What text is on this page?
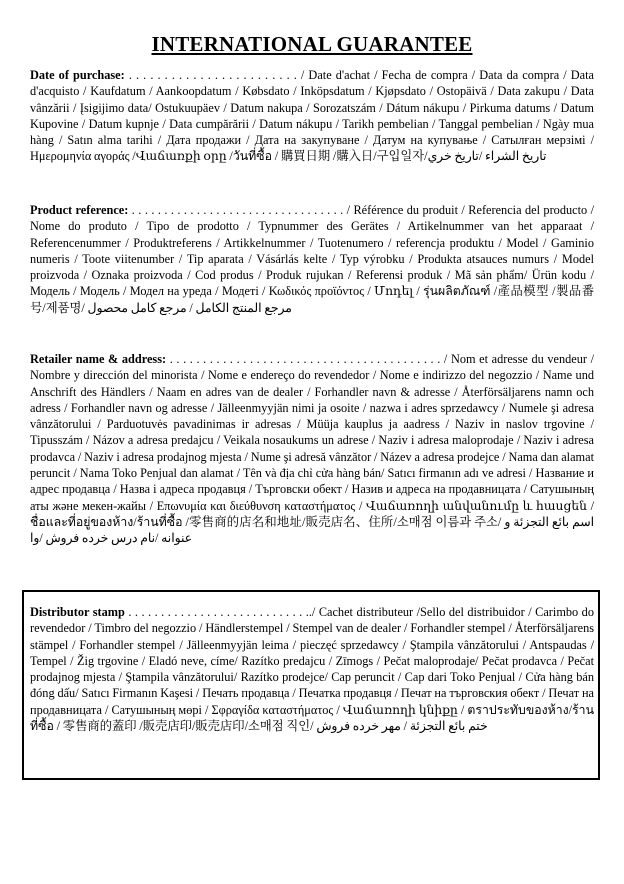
INTERNATIONAL GUARANTEE
Date of purchase: . . . . . . . . . . . . . . . . . . . . . . . . / Date d'achat / Fecha de compra / Data da compra / Data d'acquisto / Kaufdatum / Aankoopdatum / Købsdato / Inköpsdatum / Kjøpsdato / Ostopäivä / Data zakupu / Data vânzării / Įsigijimo data/ Ostukuupäev / Datum nakupa / Sorozatszám / Dátum nákupu / Pirkuma datums / Datum Kupovine / Datum kupnje / Data cumpărării / Datum nákupu / Tarikh pembelian / Tanggal pembelian / Ngày mua hàng / Satın alma tarihi / Дата продажи / Дата на закупуване / Датум на купување / Сатылған мерзімі / Ημερομηνία αγοράς /Վաճառքի օրը /วันที่ซื้อ / 購買日期 /購入日/구입일자/تاريخ الشراء /تاريخ خري
Product reference: . . . . . . . . . . . . . . . . . . . . . . . . . . . . . . . . . / Référence du produit / Referencia del producto / Nome do produto / Tipo de prodotto / Typnummer des Gerätes / Artikelnummer van het apparaat / Referencenummer / Produktreferens / Artikkelnummer / Tuotenumero / referencja produktu / Model / Gaminio numeris / Toote viitenumber / Tip aparata / Vásárlás kelte / Typ výrobku / Produkta atsauces numurs / Model proizvoda / Oznaka proizvoda / Cod produs / Produk rujukan / Referensi produk / Mã sản phẩm/ Ürün kodu / Модель / Модель / Модел на уреда / Модеті / Κωδικός προϊόντος / Մոդել / รุ่นผลิตภัณฑ์ /產品模型 /製品番号/제품명/ مرجع المنتج الكامل / مرجع كامل محصول
Retailer name & address: . . . . . . . . . . . . . . . . . . . . . . . . . . . . . . . . . . . . . . . . . / Nom et adresse du vendeur / Nombre y dirección del minorista / Nome e endereço do revendedor / Nome e indirizzo del negozzio / Name und Anschrift des Händlers / Naam en adres van de dealer / Forhandler navn & adresse / Återförsäljarens namn och adress / Forhandler navn og adresse / Jälleenmyyjän nimi ja osoite / nazwa i adres sprzedawcy / Numele şi adresa vânzătorului / Parduotuvės pavadinimas ir adresas / Müüja kauplus ja aadress / Naziv in naslov trgovine / Tipusszám / Názov a adresa predajcu / Veikala nosaukums un adrese / Naziv i adresa maloprodaje / Naziv i adresa prodavca / Naziv i adresa prodajnog mjesta / Nume şi adresă vânzător / Název a adresa prodejce / Nama dan alamat peruncit / Nama Toko Penjual dan alamat / Tên và địa chỉ cửa hàng bán/ Satıcı firmanın adı ve adresi / Название и адрес продавца / Назва і адреса продавця / Търговски обект / Назив и адреса на продавницата / Сатушының аты және мекен-жайы / Επωνυμία και διεύθυνση καταστήματος / Վաճառողի անվանումը և հասցեն / ชื่อและที่อยู่ของห้าง/ร้านที่ซื้อ /零售商的店名和地址/販売店名、住所/소매점 이름과 주소/ اسم بائع التجزئة و عنوانه /نام درس خرده فروش /وا
Distributor stamp . . . . . . . . . . . . . . . . . . . . . . . . . . . ../ Cachet distributeur /Sello del distribuidor / Carimbo do revendedor / Timbro del negozzio / Händlerstempel / Stempel van de dealer / Forhandler stempel / Återförsäljarens stämpel / Forhandler stempel / Jälleenmyyjän leima / pieczęć sprzedawcy / Ştampila vânzătorului / Antspaudas / Tempel / Žig trgovine / Eladó neve, címe/ Razítko predajcu / Zīmogs / Pečat maloprodaje/ Pečat prodavca / Pečat prodajnog mjesta / Ştampila vânzătorului/ Razítko prodejce/ Cap peruncit / Cap dari Toko Penjual / Cửa hàng bán đóng dấu/ Satıcı Firmanın Kaşesi / Печать продавца / Печатка продавця / Печат на търговския обект / Печат на продавницата / Сатушының мөрі / Σφραγίδα καταστήματος / Վաճառողի կնիքը / ตราประทับของห้าง/ร้านที่ซื้อ / 零售商的蓋印 /販売店印/販売店印/소매점 직인/ ختم بائع التجزئة / مهر خرده فروش
